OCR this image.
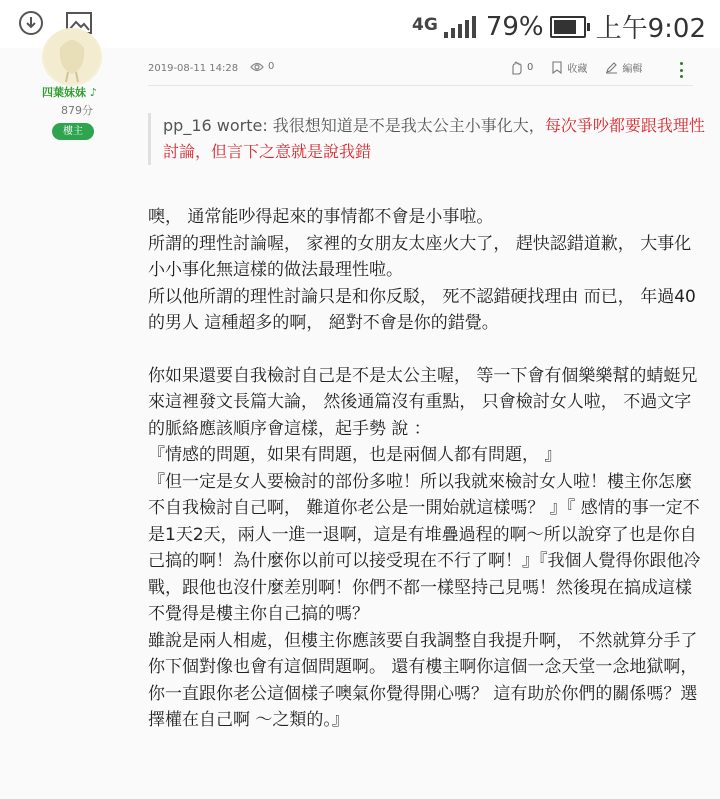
4G 79% 上午9:02
四葉妹妹 ♪
879分
樓主
2019-08-11 14:28	0	0	收藏	編輯
pp_16 worte: 我很想知道是不是我太公主小事化大，每次爭吵都要跟我理性討論，但言下之意就是說我錯

噢， 通常能吵得起來的事情都不會是小事啦。

所謂的理性討論喔， 家裡的女朋友太座火大了， 趕快認錯道歉， 大事化小小事化無這樣的做法最理性啦。

所以他所謂的理性討論只是和你反駁， 死不認錯硬找理由 而已， 年過40的男人 這種超多的啊， 絕對不會是你的錯覺。

你如果還要自我檢討自己是不是太公主喔， 等一下會有個樂樂幫的蜻蜓兄來這裡發文長篇大論， 然後通篇沒有重點， 只會檢討女人啦， 不過文字的脈絡應該順序會這樣，起手勢 說 ：

『情感的問題，如果有問題，也是兩個人都有問題， 』

『但一定是女人要檢討的部份多啦！所以我就來檢討女人啦！樓主你怎麼不自我檢討自己啊， 難道你老公是一開始就這樣嗎？ 』『 感情的事一定不是1天2天，兩人一進一退啊，這是有堆疊過程的啊～所以說穿了也是你自己搞的啊！為什麼你以前可以接受現在不行了啊！』『我個人覺得你跟他冷戰，跟他也沒什麼差別啊！你們不都一樣堅持己見嗎！然後現在搞成這樣不覺得是樓主你自己搞的嗎？

雖說是兩人相處，但樓主你應該要自我調整自我提升啊， 不然就算分手了你下個對像也會有這個問題啊。 還有樓主啊你這個一念天堂一念地獄啊， 你一直跟你老公這個樣子噢氣你覺得開心嗎？ 這有助於你們的關係嗎？選擇權在自己啊 ～之類的。』
